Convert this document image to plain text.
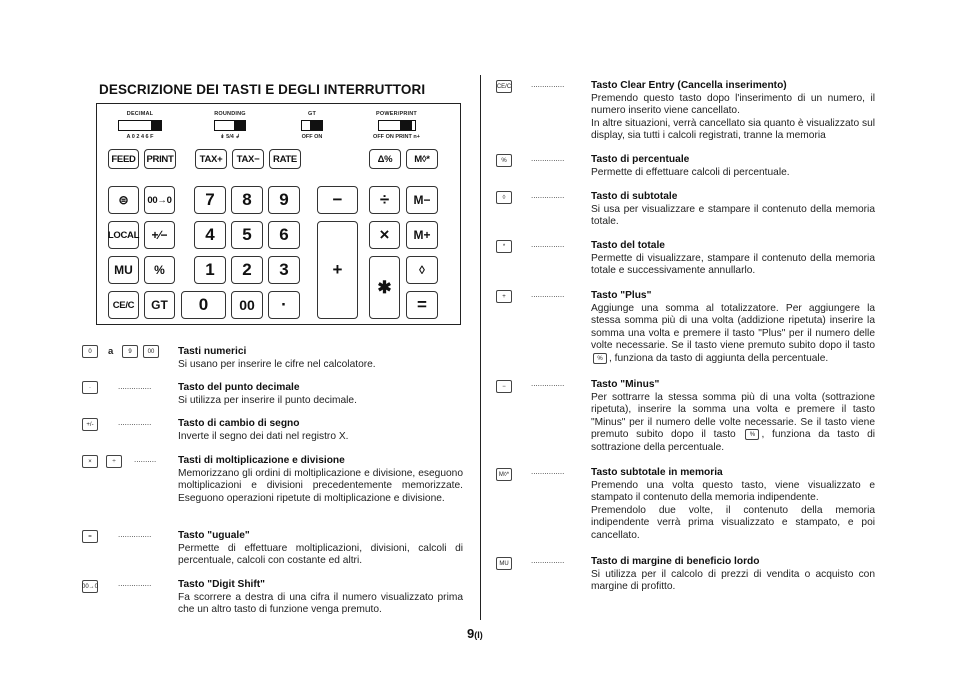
DESCRIZIONE DEI TASTI E DEGLI INTERRUTTORI
9(I)
DECIMAL
A 0 2 4 6 F
ROUNDING
↡ 5/4 ↲
GT
OFF ON
POWER/PRINT
OFF ON PRINT n+
FEED	PRINT	TAX+	TAX−	RATE	Δ%	M◊*
⊜	00→0
LOCAL	+∕−
MU	%
CE/C	GT
7	8	9
4	5	6
1	2	3
0	00	·
−
+
÷
×
✱
M−
M+
◊
=
0	a	9	00	Tasti numerici
Si usano per inserire le cifre nel calcolatore.
·	...............	Tasto del punto decimale
Si utilizza per inserire il punto decimale.
+/-	...............	Tasto di cambio di segno
Inverte il segno dei dati nel registro X.
×	÷	.......... Tasti di moltiplicazione e divisione
Memorizzano gli ordini di moltiplicazione e divisione, eseguono moltiplicazioni e divisioni precedentemente memorizzate. Eseguono operazioni ripetute di moltiplicazione e divisione.
=	...............	Tasto "uguale"
Permette di effettuare moltiplicazioni, divisioni, calcoli di percentuale, calcoli con costante ed altri.
00→0 ...............	Tasto "Digit Shift"
Fa scorrere a destra di una cifra il numero visualizzato prima che un altro tasto di funzione venga premuto.
CE/C ...............	Tasto Clear Entry (Cancella inserimento)
Premendo questo tasto dopo l'inserimento di un numero, il numero inserito viene cancellato.
In altre situazioni, verrà cancellato sia quanto è visualizzato sul display, sia tutti i calcoli registrati, tranne la memoria
%	...............	Tasto di percentuale
Permette di effettuare calcoli di percentuale.
◊	...............	Tasto di subtotale
Si usa per visualizzare e stampare il contenuto della memoria totale.
*	...............	Tasto del totale
Permette di visualizzare, stampare il contenuto della memoria totale e successivamente annullarlo.
+	...............	Tasto "Plus"
Aggiunge una somma al totalizzatore. Per aggiungere la stessa somma più di una volta (addizione ripetuta) inserire la somma una volta e premere il tasto "Plus" per il numero delle volte necessarie. Se il tasto viene premuto subito dopo il tasto % , funziona da tasto di aggiunta della percentuale.
−	...............	Tasto "Minus"
Per sottrarre la stessa somma più di una volta (sottrazione ripetuta), inserire la somma una volta e premere il tasto "Minus" per il numero delle volte necessarie. Se il tasto viene premuto subito dopo il tasto % , funziona da tasto di sottrazione della percentuale.
M◊*	...............	Tasto subtotale in memoria
Premendo una volta questo tasto, viene visualizzato e stampato il contenuto della memoria indipendente.
Premendolo due volte, il contenuto della memoria indipendente verrà prima visualizzato e stampato, e poi cancellato.
MU	...............	Tasto di margine di beneficio lordo
Si utilizza per il calcolo di prezzi di vendita o acquisto con margine di profitto.
